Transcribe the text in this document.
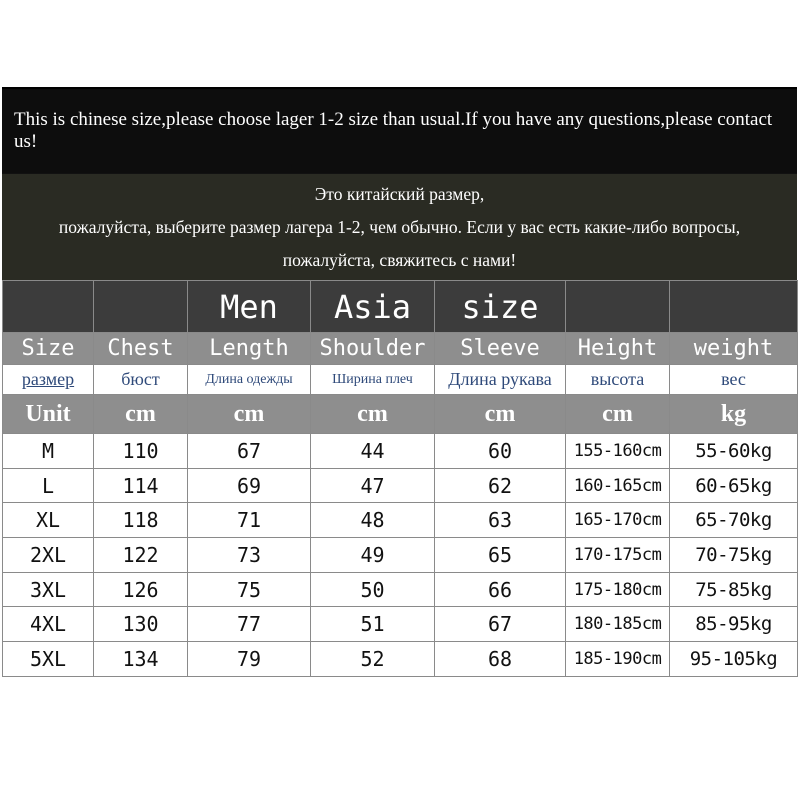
This is chinese size,please choose lager 1-2 size than usual.If you have any questions,please contact us!
Это китайский размер,
пожалуйста, выберите размер лагера 1-2, чем обычно. Если у вас есть какие-либо вопросы,
пожалуйста, свяжитесь с нами!
		Men	Asia	size		
Size	Chest	Length	Shoulder	Sleeve	Height	weight
размер	бюст	Длина одежды	Ширина плеч	Длина рукава	высота	вес
Unit	cm	cm	cm	cm	cm	kg
M	110	67	44	60	155-160cm	55-60kg
L	114	69	47	62	160-165cm	60-65kg
XL	118	71	48	63	165-170cm	65-70kg
2XL	122	73	49	65	170-175cm	70-75kg
3XL	126	75	50	66	175-180cm	75-85kg
4XL	130	77	51	67	180-185cm	85-95kg
5XL	134	79	52	68	185-190cm	95-105kg
